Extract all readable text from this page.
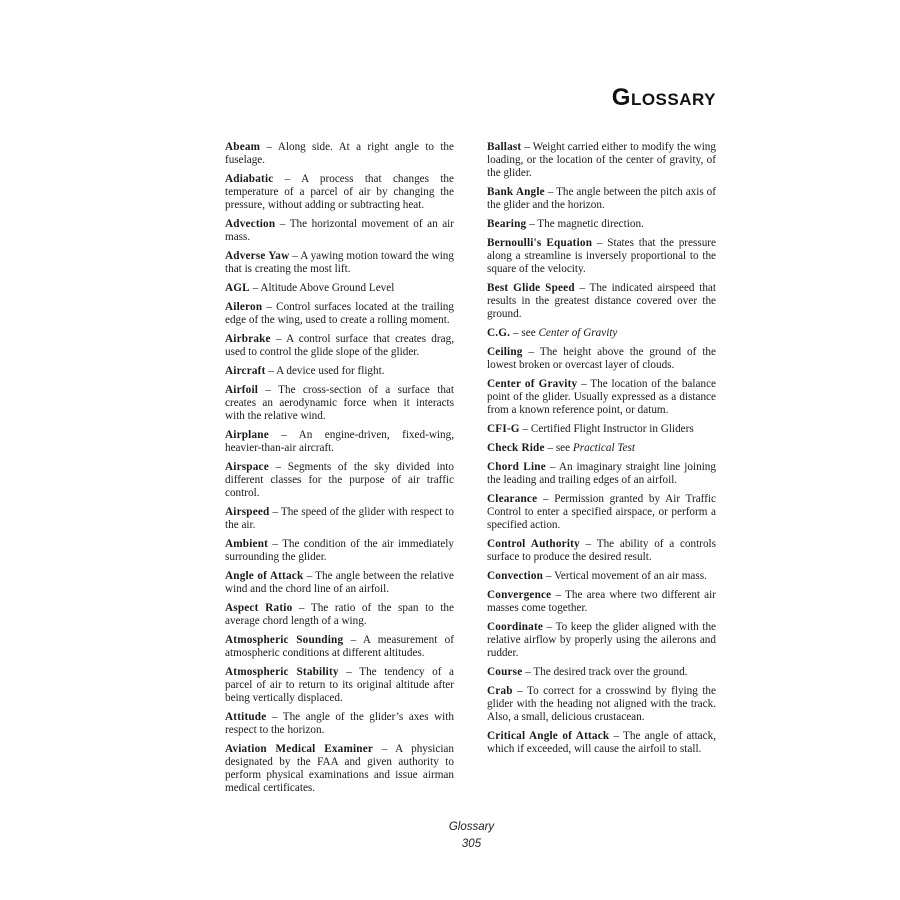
Glossary
Abeam – Along side. At a right angle to the fuselage.
Adiabatic – A process that changes the temperature of a parcel of air by changing the pressure, without adding or subtracting heat.
Advection – The horizontal movement of an air mass.
Adverse Yaw – A yawing motion toward the wing that is creating the most lift.
AGL – Altitude Above Ground Level
Aileron – Control surfaces located at the trailing edge of the wing, used to create a rolling moment.
Airbrake – A control surface that creates drag, used to control the glide slope of the glider.
Aircraft – A device used for flight.
Airfoil – The cross-section of a surface that creates an aerodynamic force when it interacts with the relative wind.
Airplane – An engine-driven, fixed-wing, heavier-than-air aircraft.
Airspace – Segments of the sky divided into different classes for the purpose of air traffic control.
Airspeed – The speed of the glider with respect to the air.
Ambient – The condition of the air immediately surrounding the glider.
Angle of Attack – The angle between the relative wind and the chord line of an airfoil.
Aspect Ratio – The ratio of the span to the average chord length of a wing.
Atmospheric Sounding – A measurement of atmospheric conditions at different altitudes.
Atmospheric Stability – The tendency of a parcel of air to return to its original altitude after being vertically displaced.
Attitude – The angle of the glider’s axes with respect to the horizon.
Aviation Medical Examiner – A physician designated by the FAA and given authority to perform physical examinations and issue airman medical certificates.
Ballast – Weight carried either to modify the wing loading, or the location of the center of gravity, of the glider.
Bank Angle – The angle between the pitch axis of the glider and the horizon.
Bearing – The magnetic direction.
Bernoulli's Equation – States that the pressure along a streamline is inversely proportional to the square of the velocity.
Best Glide Speed – The indicated airspeed that results in the greatest distance covered over the ground.
C.G. – see Center of Gravity
Ceiling – The height above the ground of the lowest broken or overcast layer of clouds.
Center of Gravity – The location of the balance point of the glider. Usually expressed as a distance from a known reference point, or datum.
CFI-G – Certified Flight Instructor in Gliders
Check Ride – see Practical Test
Chord Line – An imaginary straight line joining the leading and trailing edges of an airfoil.
Clearance – Permission granted by Air Traffic Control to enter a specified airspace, or perform a specified action.
Control Authority – The ability of a controls surface to produce the desired result.
Convection – Vertical movement of an air mass.
Convergence – The area where two different air masses come together.
Coordinate – To keep the glider aligned with the relative airflow by properly using the ailerons and rudder.
Course – The desired track over the ground.
Crab – To correct for a crosswind by flying the glider with the heading not aligned with the track. Also, a small, delicious crustacean.
Critical Angle of Attack – The angle of attack, which if exceeded, will cause the airfoil to stall.
Glossary
305
